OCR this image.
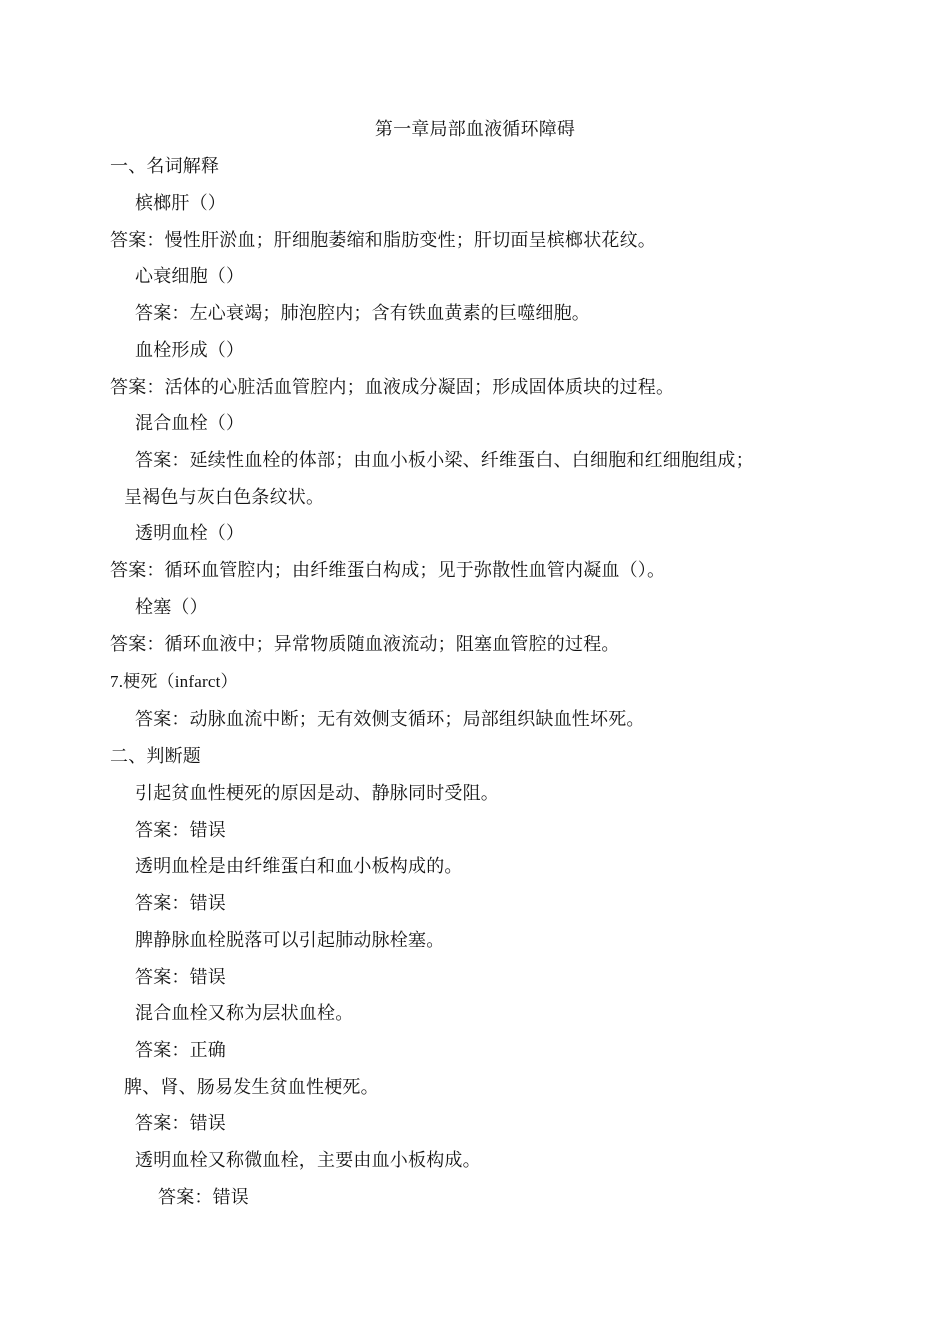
第一章局部血液循环障碍
一、名词解释
槟榔肝（）
答案：慢性肝淤血；肝细胞萎缩和脂肪变性；肝切面呈槟榔状花纹。
心衰细胞（）
答案：左心衰竭；肺泡腔内；含有铁血黄素的巨噬细胞。
血栓形成（）
答案：活体的心脏活血管腔内；血液成分凝固；形成固体质块的过程。
混合血栓（）
答案：延续性血栓的体部；由血小板小梁、纤维蛋白、白细胞和红细胞组成；
呈褐色与灰白色条纹状。
透明血栓（）
答案：循环血管腔内；由纤维蛋白构成；见于弥散性血管内凝血（）。
栓塞（）
答案：循环血液中；异常物质随血液流动；阻塞血管腔的过程。
7.梗死（infarct）
答案：动脉血流中断；无有效侧支循环；局部组织缺血性坏死。
二、判断题
引起贫血性梗死的原因是动、静脉同时受阻。
答案：错误
透明血栓是由纤维蛋白和血小板构成的。
答案：错误
脾静脉血栓脱落可以引起肺动脉栓塞。
答案：错误
混合血栓又称为层状血栓。
答案：正确
脾、肾、肠易发生贫血性梗死。
答案：错误
透明血栓又称微血栓，主要由血小板构成。
答案：错误
